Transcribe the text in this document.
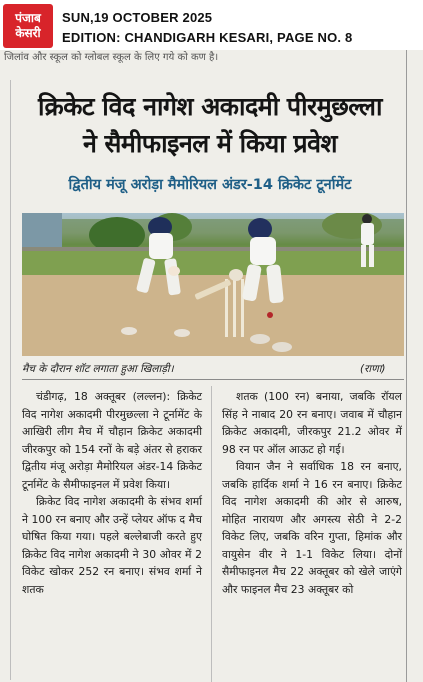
पंजाब
केसरी
SUN,19 OCTOBER 2025
EDITION: CHANDIGARH KESARI, PAGE NO. 8
जिलांव और स्कूल को ग्लोबल स्कूल के लिए गये को कण है।
क्रिकेट विद नागेश अकादमी पीरमुछल्ला
ने सैमीफाइनल में किया प्रवेश
द्वितीय मंजू अरोड़ा मैमोरियल अंडर-14 क्रिकेट टूर्नामेंट
मैच के दौरान शॉट लगाता हुआ खिलाड़ी।	(राणा)

चंडीगढ़, 18 अक्तूबर (लल्लन): क्रिकेट विद नागेश अकादमी पीरमुछल्ला ने टूर्नामेंट के आखिरी लीग मैच में चौहान क्रिकेट अकादमी जीरकपुर को 154 रनों के बड़े अंतर से हराकर द्वितीय मंजू अरोड़ा मैमोरियल अंडर-14 क्रिकेट टूर्नामेंट के सैमीफाइनल में प्रवेश किया।

क्रिकेट विद नागेश अकादमी के संभव शर्मा ने 100 रन बनाए और उन्हें प्लेयर ऑफ द मैच घोषित किया गया। पहले बल्लेबाजी करते हुए क्रिकेट विद नागेश अकादमी ने 30 ओवर में 2 विकेट खोकर 252 रन बनाए। संभव शर्मा ने शतक

शतक (100 रन) बनाया, जबकि रॉयल सिंह ने नाबाद 20 रन बनाए। जवाब में चौहान क्रिकेट अकादमी, जीरकपुर 21.2 ओवर में 98 रन पर ऑल आऊट हो गई।

वियान जैन ने सर्वाधिक 18 रन बनाए, जबकि हार्दिक शर्मा ने 16 रन बनाए। क्रिकेट विद नागेश अकादमी की ओर से आरुष, मोहित नारायण और अगस्त्य सेठी ने 2-2 विकेट लिए, जबकि वरिन गुप्ता, हिमांक और वायुसेन वीर ने 1-1 विकेट लिया। दोनों सैमीफाइनल मैच 22 अक्तूबर को खेले जाएंगे और फाइनल मैच 23 अक्तूबर को
